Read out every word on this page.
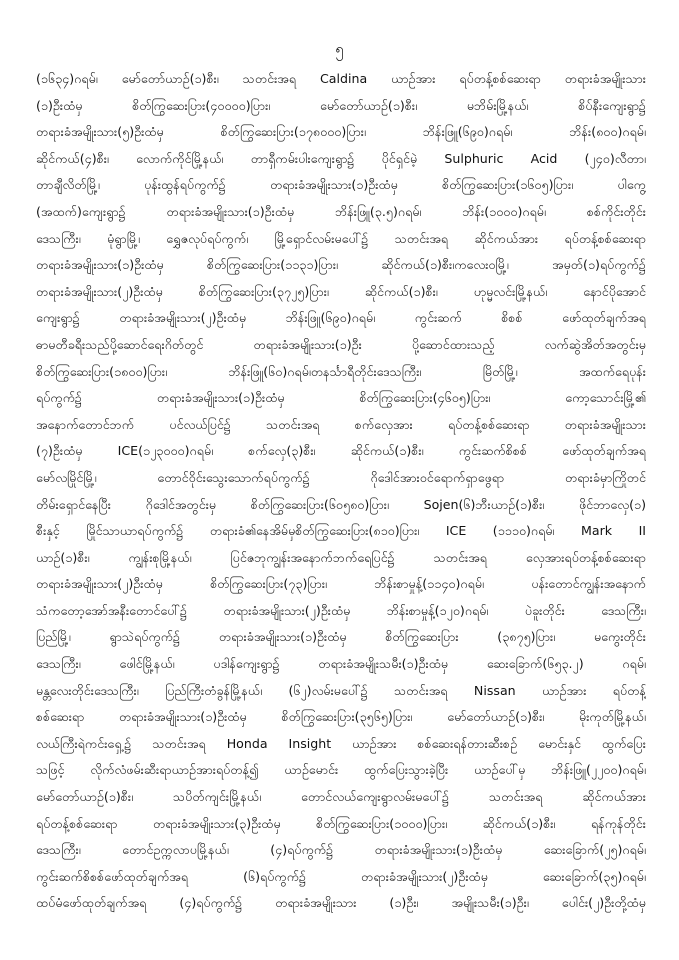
၅
(၁၆၃၄)ဂရမ်၊ မော်တော်ယာဉ်(၁)စီး၊ သတင်းအရ Caldina ယာဉ်အား ရပ်တန့်စစ်ဆေးရာ တရားခံအမျိုးသား
(၁)ဦးထံမှ စိတ်ကြွဆေးပြား(၄၀၀၀၀)ပြား၊ မော်တော်ယာဉ်(၁)စီး၊ မဘိမ်းမြို့နယ်၊ စိပ်နီးကျေးရွာ၌
တရားခံအမျိုးသား(၅)ဦးထံမှ စိတ်ကြွဆေးပြား(၁၇၈၀၀၀)ပြား၊ ဘိန်းဖြူ(၆၉၀)ဂရမ်၊ ဘိန်း(၈၀၀)ဂရမ်၊
ဆိုင်ကယ်(၄)စီး၊ လောက်ကိုင်မြို့နယ်၊ တာရှီကမ်းပါးကျေးရွာ၌ ပိုင်ရှင်မဲ့ Sulphuric Acid (၂၄၀)လီတာ၊
တာချီလိတ်မြို့၊ ပုန်းထွန်ရပ်ကွက်၌ တရားခံအမျိုးသား(၁)ဦးထံမှ စိတ်ကြွဆေးပြား(၁၆၀၅)ပြား၊ ပါကွေ့
(အထက်)ကျေးရွာ၌ တရားခံအမျိုးသား(၁)ဦးထံမှ ဘိန်းဖြူ(၃.၅)ဂရမ်၊ ဘိန်း(၁၀၀၀)ဂရမ်၊ စစ်ကိုင်းတိုင်း
ဒေသကြီး၊ မုံရွာမြို့၊ ရွှေဇလုပ်ရပ်ကွက်၊ မြို့ရှောင်လမ်းမပေါ်၌ သတင်းအရ ဆိုင်ကယ်အား ရပ်တန့်စစ်ဆေးရာ
တရားခံအမျိုးသား(၁)ဦးထံမှ စိတ်ကြွဆေးပြား(၁၁၃၁)ပြား၊ ဆိုင်ကယ်(၁)စီး၊ကလေးဝမြို့၊ အမှတ်(၁)ရပ်ကွက်၌
တရားခံအမျိုးသား(၂)ဦးထံမှ စိတ်ကြွဆေးပြား(၃၇၂၅)ပြား၊ ဆိုင်ကယ်(၁)စီး၊ ဟုမ္မလင်းမြို့နယ်၊ နောင်ပိုအောင်
ကျေးရွာ၌ တရားခံအမျိုးသား(၂)ဦးထံမှ ဘိန်းဖြူ(၆၉၀)ဂရမ်၊ ကွင်းဆက် စိစစ် ဖော်ထုတ်ချက်အရ
ဓာမတီခရီးသည်ပို့ဆောင်ရေးဂိတ်တွင် တရားခံအမျိုးသား(၁)ဦး ပို့ဆောင်ထားသည့် လက်ဆွဲအိတ်အတွင်းမှ
စိတ်ကြွဆေးပြား(၁၈၀၀)ပြား၊ ဘိန်းဖြူ(၆၀)ဂရမ်၊တနင်္သာရီတိုင်းဒေသကြီး၊ မြိတ်မြို့၊ အထက်ရေပုန်း
ရပ်ကွက်၌ တရားခံအမျိုးသား(၁)ဦးထံမှ စိတ်ကြွဆေးပြား(၄၆၀၅)ပြား၊ ကော့သောင်းမြို့၏
အနောက်တောင်ဘက် ပင်လယ်ပြင်၌ သတင်းအရ စက်လှေအား ရပ်တန့်စစ်ဆေးရာ တရားခံအမျိုးသား
(၇)ဦးထံမှ ICE(၁၂၃၀၀၀)ဂရမ်၊ စက်လှေ(၃)စီး၊ ဆိုင်ကယ်(၁)စီး၊ ကွင်းဆက်စိစစ် ဖော်ထုတ်ချက်အရ
မော်လမြိုင်မြို့၊ တောင်ဝိုင်းသွေးသောက်ရပ်ကွက်၌ ဂိုဒေါင်အားဝင်ရောက်ရှာဖွေရာ တရားခံမှာကြိုတင်
တိမ်းရှောင်နေပြီး ဂိုဒေါင်အတွင်းမှ စိတ်ကြွဆေးပြား(၆၀၅၈၀)ပြား၊ Sojen(၆)ဘီးယာဉ်(၁)စီး၊ ဖိုင်ဘာလှေ(၁)
စီးနှင့် မြိုင်သာယာရပ်ကွက်၌ တရားခံ၏နေအိမ်မှစိတ်ကြွဆေးပြား(၈၁၀)ပြား၊ ICE (၁၁၁၀)ဂရမ်၊ Mark II
ယာဉ်(၁)စီး၊ ကျွန်းစုမြို့နယ်၊ ပြင်ဇဘုကျွန်းအနောက်ဘက်ရေပြင်၌ သတင်းအရ လှေအားရပ်တန့်စစ်ဆေးရာ
တရားခံအမျိုးသား(၂)ဦးထံမှ စိတ်ကြွဆေးပြား(၇၃)ပြား၊ ဘိန်းစာမှုန့်(၁၁၄၀)ဂရမ်၊ ပန်းတောင်ကျွန်းအနောက်
သံကတော့အော်အနီးတောင်ပေါ်၌ တရားခံအမျိုးသား(၂)ဦးထံမှ ဘိန်းစာမှုန့်(၁၂၀)ဂရမ်၊ ပဲခူးတိုင်း ဒေသကြီး၊
ပြည်မြို့၊ ရွာသဲရပ်ကွက်၌ တရားခံအမျိုးသား(၁)ဦးထံမှ စိတ်ကြွဆေးပြား (၃၈၇၅)ပြား၊ မကွေးတိုင်း
ဒေသကြီး၊ ဖေါင်မြို့နယ်၊ ပဒါန်ကျေးရွာ၌ တရားခံအမျိုးသမီး(၁)ဦးထံမှ ဆေးခြောက်(၆၅၃.၂) ဂရမ်၊
မန္တလေးတိုင်းဒေသကြီး၊ ပြည်ကြီးတံခွန်မြို့နယ်၊ (၆၂)လမ်းမပေါ်၌ သတင်းအရ Nissan ယာဉ်အား ရပ်တန့်
စစ်ဆေးရာ တရားခံအမျိုးသား(၁)ဦးထံမှ စိတ်ကြွဆေးပြား(၃၅၆၅)ပြား၊ မော်တော်ယာဉ်(၁)စီး၊ မိုးကုတ်မြို့နယ်၊
လယ်ကြီးရဲကင်းရှေ့၌ သတင်းအရ Honda Insight ယာဉ်အား စစ်ဆေးရန်တားဆီးစဉ် မောင်းနှင် ထွက်ပြေး
သဖြင့် လိုက်လံဖမ်းဆီးရာယာဉ်အားရပ်တန့်၍ ယာဉ်မောင်း ထွက်ပြေးသွားခဲ့ပြီး ယာဉ်ပေါ်မှ ဘိန်းဖြူ(၂၂၀၀)ဂရမ်၊
မော်တော်ယာဉ်(၁)စီး၊ သပိတ်ကျင်းမြို့နယ်၊ တောင်လယ်ကျေးရွာလမ်းမပေါ်၌ သတင်းအရ ဆိုင်ကယ်အား
ရပ်တန့်စစ်ဆေးရာ တရားခံအမျိုးသား(၃)ဦးထံမှ စိတ်ကြွဆေးပြား(၁၀၀၀)ပြား၊ ဆိုင်ကယ်(၁)စီး၊ ရန်ကုန်တိုင်း
ဒေသကြီး၊ တောင်ဥက္ကလာပမြို့နယ်၊ (၄)ရပ်ကွက်၌ တရားခံအမျိုးသား(၁)ဦးထံမှ ဆေးခြောက်(၂၅)ဂရမ်၊
ကွင်းဆက်စိစစ်ဖော်ထုတ်ချက်အရ (၆)ရပ်ကွက်၌ တရားခံအမျိုးသား(၂)ဦးထံမှ ဆေးခြောက်(၃၅)ဂရမ်၊
ထပ်မံဖော်ထုတ်ချက်အရ (၄)ရပ်ကွက်၌ တရားခံအမျိုးသား (၁)ဦး၊ အမျိုးသမီး(၁)ဦး၊ ပေါင်း(၂)ဦးတို့ထံမှ
